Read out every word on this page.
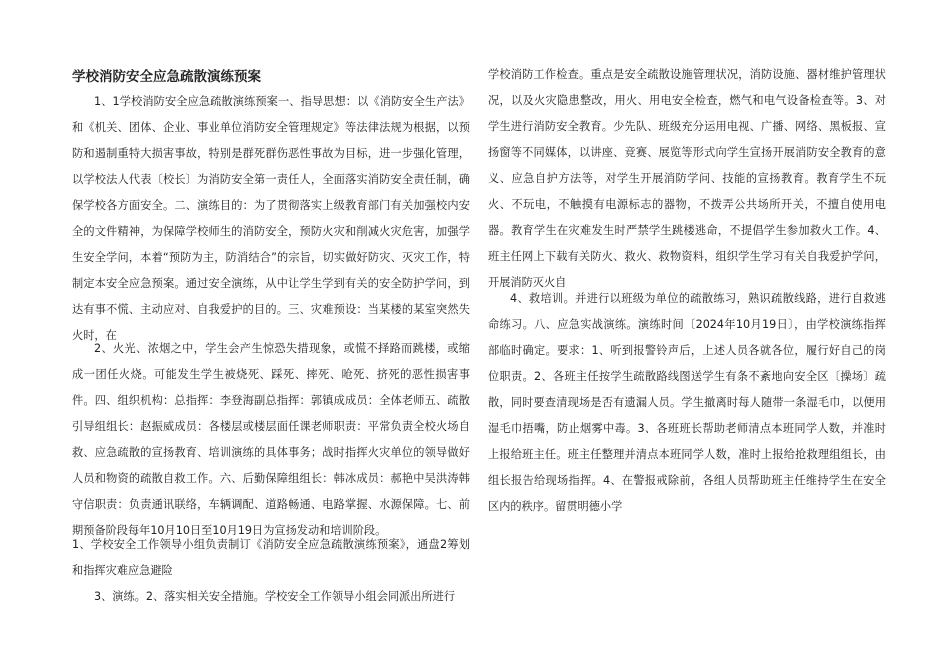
学校消防安全应急疏散演练预案

1、1学校消防安全应急疏散演练预案一、指导思想：以《消防安全生产法》和《机关、团体、企业、事业单位消防安全管理规定》等法律法规为根据，以预防和遏制重特大损害事故，特别是群死群伤恶性事故为目标，进一步强化管理，以学校法人代表〔校长〕为消防安全第一责任人，全面落实消防安全责任制，确保学校各方面安全。二、演练目的：为了贯彻落实上级教育部门有关加强校内安全的文件精神，为保障学校师生的消防安全，预防火灾和削减火灾危害，加强学生安全学问，本着“预防为主，防消结合”的宗旨，切实做好防灾、灭灾工作，特制定本安全应急预案。通过安全演练，从中让学生学到有关的安全防护学问，到达有事不慌、主动应对、自我爱护的目的。三、灾难预设：当某楼的某室突然失火时，在

2、火光、浓烟之中，学生会产生惊恐失措现象，或慌不择路而跳楼，或缩成一团任火烧。可能发生学生被烧死、踩死、摔死、呛死、挤死的恶性损害事件。四、组织机构：总指挥：李登海副总指挥：郭镇成成员：全体老师五、疏散引导组组长：赵振威成员：各楼层或楼层面任课老师职责：平常负责全校火场自救、应急疏散的宣扬教育、培训演练的具体事务；战时指挥火灾单位的领导做好人员和物资的疏散自救工作。六、后勤保障组组长：韩冰成员：郝艳中吴洪涛韩守信职责：负责通讯联络，车辆调配、道路畅通、电路掌握、水源保障。七、前期预备阶段每年10月10日至10月19日为宣扬发动和培训阶段。

1、学校安全工作领导小组负责制订《消防安全应急疏散演练预案》，通盘2筹划和指挥灾难应急避险

3、演练。2、落实相关安全措施。学校安全工作领导小组会同派出所进行

学校消防工作检查。重点是安全疏散设施管理状况，消防设施、器材维护管理状况，以及火灾隐患整改，用火、用电安全检查，燃气和电气设备检查等。3、对学生进行消防安全教育。少先队、班级充分运用电视、广播、网络、黑板报、宣扬窗等不同媒体，以讲座、竞赛、展览等形式向学生宣扬开展消防安全教育的意义、应急自护方法等，对学生开展消防学问、技能的宣扬教育。教育学生不玩火、不玩电，不触摸有电源标志的器物，不拨弄公共场所开关，不擅自使用电器。教育学生在灾难发生时严禁学生跳楼逃命，不提倡学生参加救火工作。4、班主任网上下载有关防火、救火、救物资料，组织学生学习有关自我爱护学问，开展消防灭火自

4、救培训。并进行以班级为单位的疏散练习，熟识疏散线路，进行自救逃命练习。八、应急实战演练。演练时间〔2024年10月19日〕，由学校演练指挥部临时确定。要求：1、听到报警铃声后，上述人员各就各位，履行好自己的岗位职责。2、各班主任按学生疏散路线图送学生有条不紊地向安全区〔操场〕疏散，同时要查清现场是否有遗漏人员。学生撤离时每人随带一条湿毛巾，以便用湿毛巾捂嘴，防止烟雾中毒。3、各班班长帮助老师清点本班同学人数，并准时上报给班主任。班主任整理并清点本班同学人数，准时上报给抢救理组组长，由组长报告给现场指挥。4、在警报戒除前，各组人员帮助班主任维持学生在安全区内的秩序。留贯明德小学
